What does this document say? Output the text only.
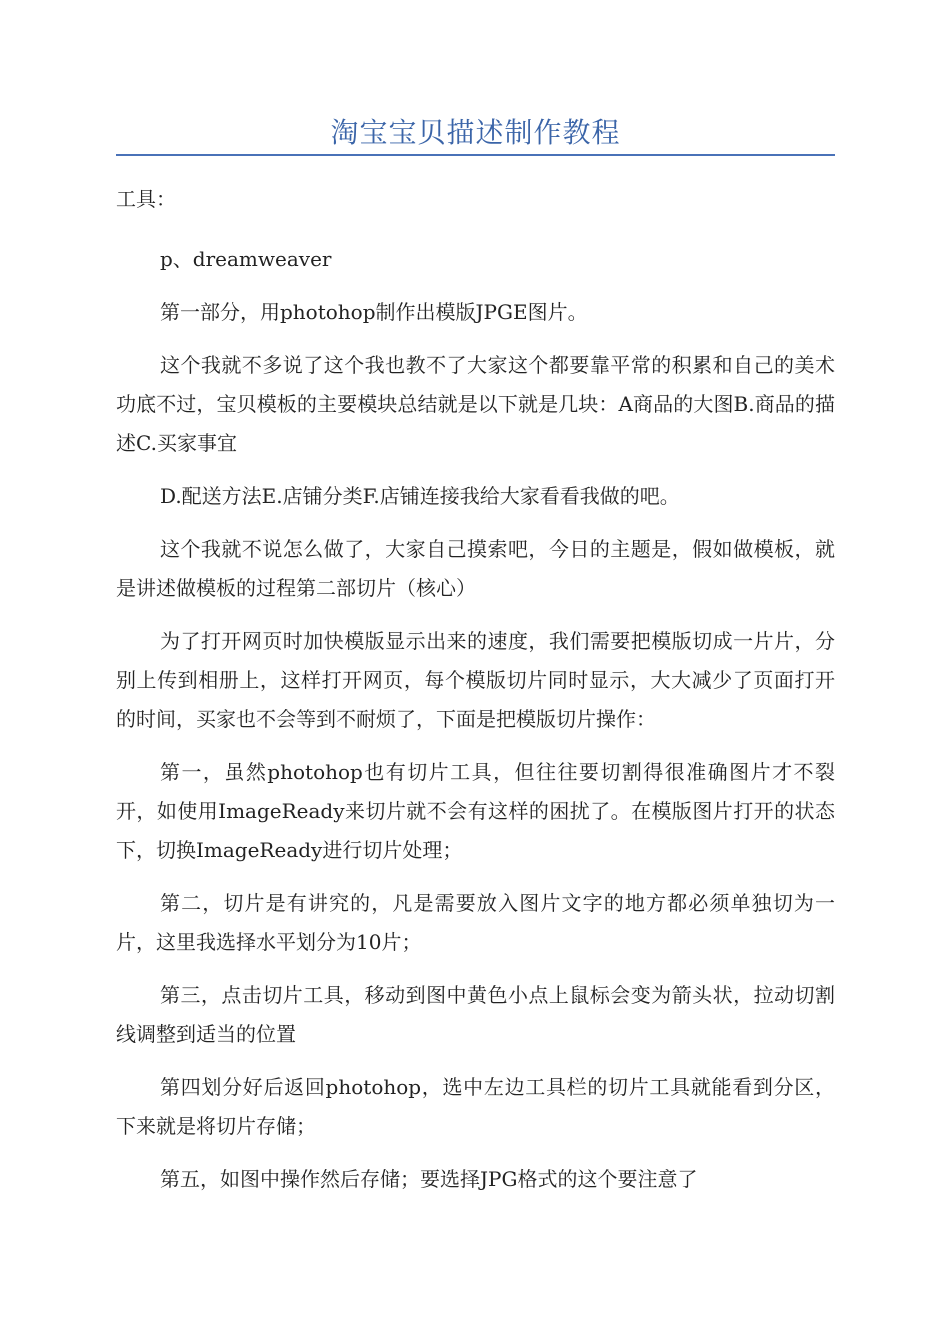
淘宝宝贝描述制作教程
工具：

p、dreamweaver

第一部分，用photohop制作出模版JPGE图片。

这个我就不多说了这个我也教不了大家这个都要靠平常的积累和自己的美术功底不过，宝贝模板的主要模块总结就是以下就是几块：A商品的大图B.商品的描述C.买家事宜

D.配送方法E.店铺分类F.店铺连接我给大家看看我做的吧。

这个我就不说怎么做了，大家自己摸索吧，今日的主题是，假如做模板，就是讲述做模板的过程第二部切片（核心）

为了打开网页时加快模版显示出来的速度，我们需要把模版切成一片片，分别上传到相册上，这样打开网页，每个模版切片同时显示，大大减少了页面打开的时间，买家也不会等到不耐烦了，下面是把模版切片操作：

第一，虽然photohop也有切片工具，但往往要切割得很准确图片才不裂开，如使用ImageReady来切片就不会有这样的困扰了。在模版图片打开的状态下，切换ImageReady进行切片处理；

第二，切片是有讲究的，凡是需要放入图片文字的地方都必须单独切为一片，这里我选择水平划分为10片；

第三，点击切片工具，移动到图中黄色小点上鼠标会变为箭头状，拉动切割线调整到适当的位置

第四划分好后返回photohop，选中左边工具栏的切片工具就能看到分区，下来就是将切片存储；

第五，如图中操作然后存储；要选择JPG格式的这个要注意了
